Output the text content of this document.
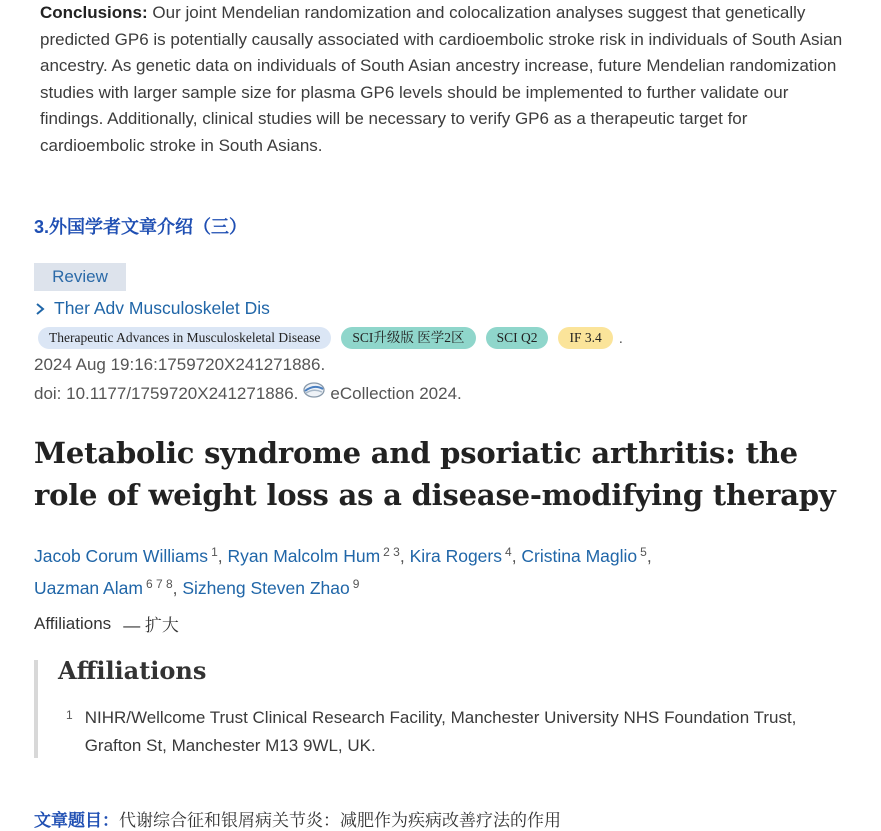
Conclusions: Our joint Mendelian randomization and colocalization analyses suggest that genetically predicted GP6 is potentially causally associated with cardioembolic stroke risk in individuals of South Asian ancestry. As genetic data on individuals of South Asian ancestry increase, future Mendelian randomization studies with larger sample size for plasma GP6 levels should be implemented to further validate our findings. Additionally, clinical studies will be necessary to verify GP6 as a therapeutic target for cardioembolic stroke in South Asians.

3.外国学者文章介绍（三）
Review
Ther Adv Musculoskelet Dis
Therapeutic Advances in Musculoskeletal Disease	SCI升级版 医学2区	SCI Q2	IF 3.4	.
2024 Aug 19:16:1759720X241271886.
doi: 10.1177/1759720X241271886. eCollection 2024.
Metabolic syndrome and psoriatic arthritis: the role of weight loss as a disease-modifying therapy
Jacob Corum Williams $^1$, Ryan Malcolm Hum $^{2 3}$, Kira Rogers $^4$, Cristina Maglio $^5$,
Uazman Alam $^{6 7 8}$, Sizheng Steven Zhao $^9$
Affiliations — 扩大
Affiliations
1 NIHR/Wellcome Trust Clinical Research Facility, Manchester University NHS Foundation Trust, Grafton St, Manchester M13 9WL, UK.
文章题目：代谢综合征和银屑病关节炎：减肥作为疾病改善疗法的作用
